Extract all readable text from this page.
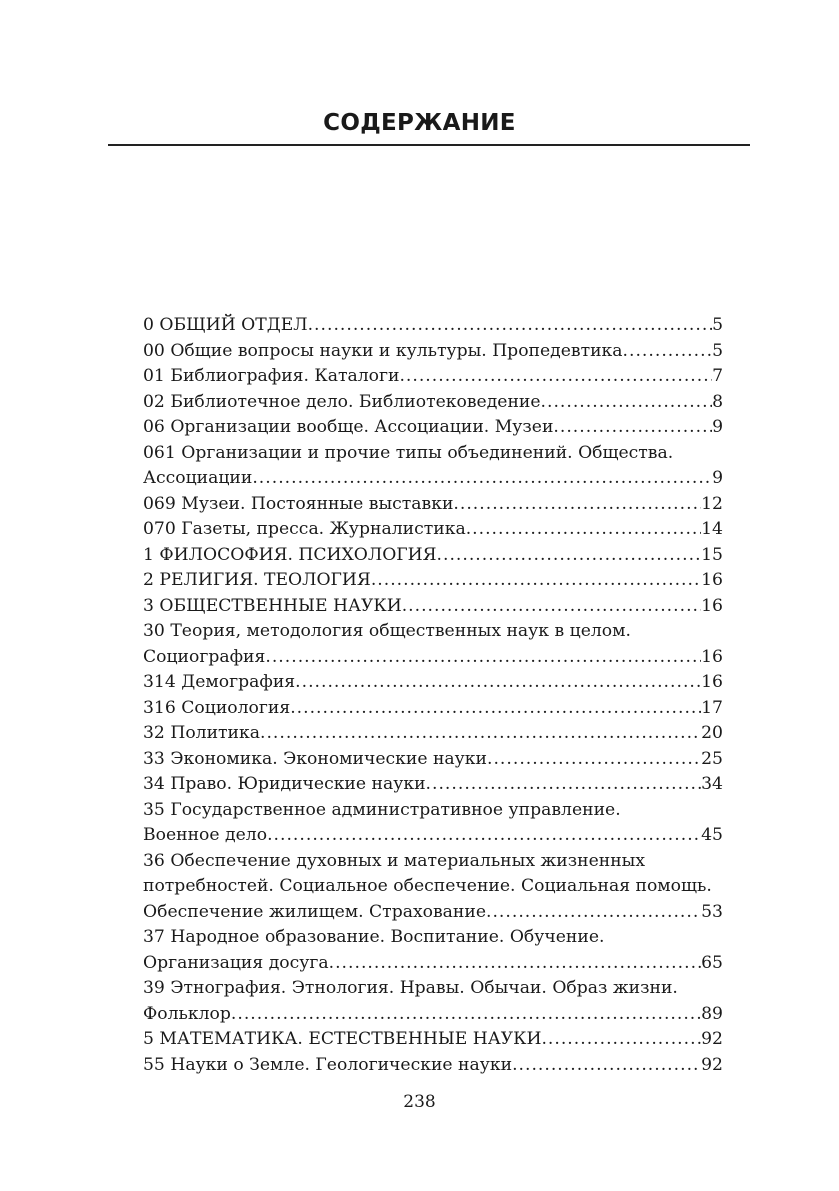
СОДЕРЖАНИЕ
0 ОБЩИЙ ОТДЕЛ .....	5
00 Общие вопросы науки и культуры. Пропедевтика .....	5
01 Библиография. Каталоги .....	7
02 Библиотечное дело. Библиотековедение .....	8
06 Организации вообще. Ассоциации. Музеи .....	9
061 Организации и прочие типы объединений. Общества.
Ассоциации .....	9
069 Музеи. Постоянные выставки .....	12
070 Газеты, пресса. Журналистика .....	14
1 ФИЛОСОФИЯ. ПСИХОЛОГИЯ .....	15
2 РЕЛИГИЯ. ТЕОЛОГИЯ .....	16
3 ОБЩЕСТВЕННЫЕ НАУКИ .....	16
30 Теория, методология общественных наук в целом.
Социография .....	16
314 Демография .....	16
316 Социология .....	17
32 Политика .....	20
33 Экономика. Экономические науки .....	25
34 Право. Юридические науки .....	34
35 Государственное административное управление.
Военное дело .....	45
36 Обеспечение духовных и материальных жизненных
потребностей. Социальное обеспечение. Социальная помощь.
Обеспечение жилищем. Страхование .....	53
37 Народное образование. Воспитание. Обучение.
Организация досуга .....	65
39 Этнография. Этнология. Нравы. Обычаи. Образ жизни.
Фольклор .....	89
5 МАТЕМАТИКА. ЕСТЕСТВЕННЫЕ НАУКИ .....	92
55 Науки о Земле. Геологические науки .....	92
238
